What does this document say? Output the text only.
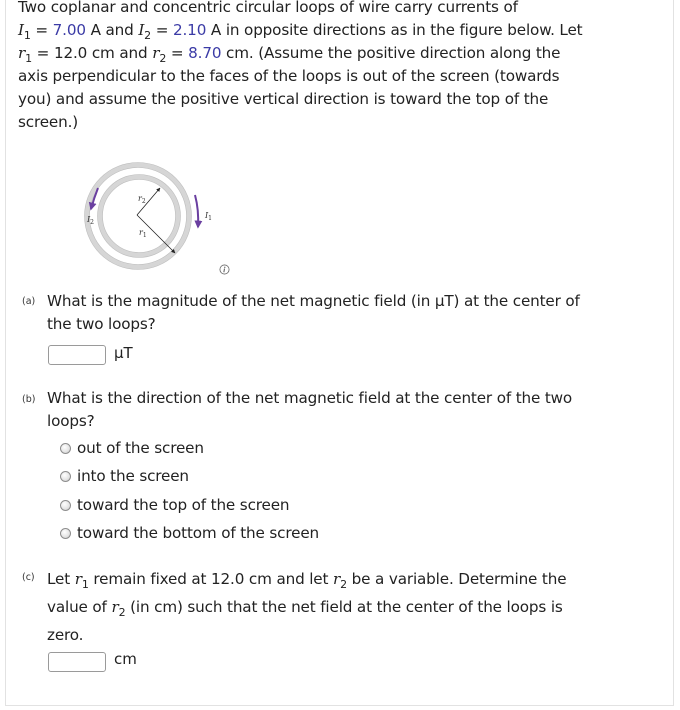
Two coplanar and concentric circular loops of wire carry currents of
$I_1 = 7.00$ A and $I_2 = 2.10$ A in opposite directions as in the figure below. Let
$r_1 = 12.0$ cm and $r_2 = 8.70$ cm. (Assume the positive direction along the
axis perpendicular to the faces of the loops is out of the screen (towards
you) and assume the positive vertical direction is toward the top of the
screen.)
$r_2$
$r_1$
$I_1$
$I_2$
(a) What is the magnitude of the net magnetic field (in µT) at the center of
the two loops?
µT
(b) What is the direction of the net magnetic field at the center of the two
loops?
out of the screen
into the screen
toward the top of the screen
toward the bottom of the screen
(c) Let $r_1$ remain fixed at 12.0 cm and let $r_2$ be a variable. Determine the
value of $r_2$ (in cm) such that the net field at the center of the loops is
zero.
cm
